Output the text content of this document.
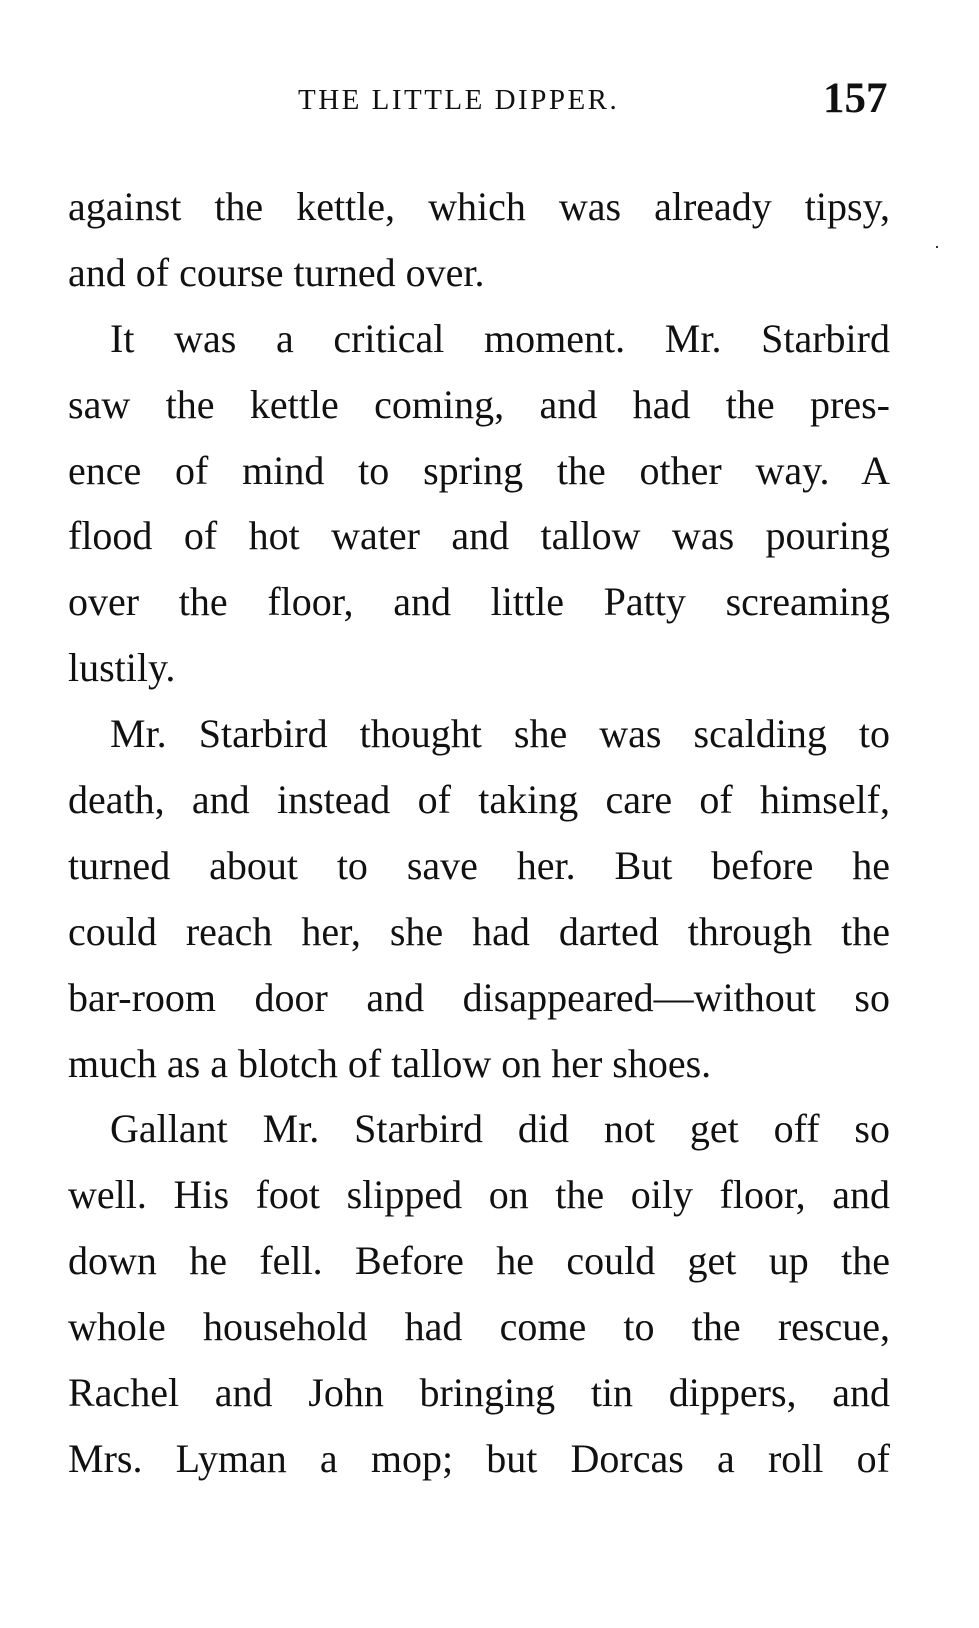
THE LITTLE DIPPER.	157
against the kettle, which was already tipsy,
and of course turned over.
It was a critical moment. Mr. Starbird
saw the kettle coming, and had the pres-
ence of mind to spring the other way. A
flood of hot water and tallow was pouring
over the floor, and little Patty screaming
lustily.
Mr. Starbird thought she was scalding to
death, and instead of taking care of himself,
turned about to save her. But before he
could reach her, she had darted through the
bar-room door and disappeared—without so
much as a blotch of tallow on her shoes.
Gallant Mr. Starbird did not get off so
well. His foot slipped on the oily floor, and
down he fell. Before he could get up the
whole household had come to the rescue,
Rachel and John bringing tin dippers, and
Mrs. Lyman a mop; but Dorcas a roll of
